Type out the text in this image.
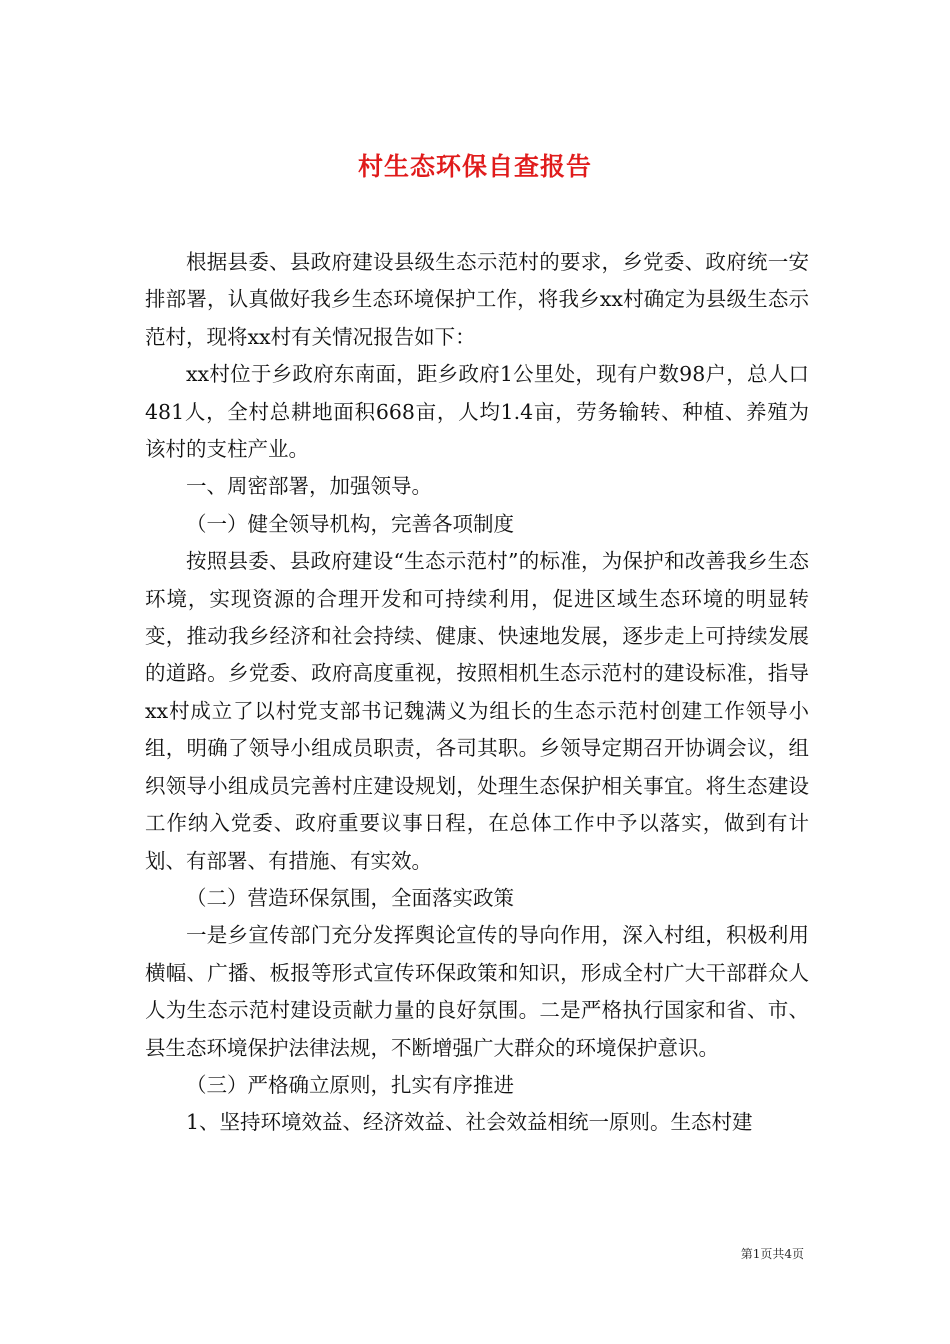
村生态环保自查报告

根据县委、县政府建设县级生态示范村的要求，乡党委、政府统一安排部署，认真做好我乡生态环境保护工作，将我乡xx村确定为县级生态示范村，现将xx村有关情况报告如下：

xx村位于乡政府东南面，距乡政府1公里处，现有户数98户，总人口481人，全村总耕地面积668亩，人均1.4亩，劳务输转、种植、养殖为该村的支柱产业。

一、周密部署，加强领导。

（一）健全领导机构，完善各项制度

按照县委、县政府建设“生态示范村”的标准，为保护和改善我乡生态环境，实现资源的合理开发和可持续利用，促进区域生态环境的明显转变，推动我乡经济和社会持续、健康、快速地发展，逐步走上可持续发展的道路。乡党委、政府高度重视，按照相机生态示范村的建设标准，指导xx村成立了以村党支部书记魏满义为组长的生态示范村创建工作领导小组，明确了领导小组成员职责，各司其职。乡领导定期召开协调会议，组织领导小组成员完善村庄建设规划，处理生态保护相关事宜。将生态建设工作纳入党委、政府重要议事日程，在总体工作中予以落实，做到有计划、有部署、有措施、有实效。

（二）营造环保氛围，全面落实政策

一是乡宣传部门充分发挥舆论宣传的导向作用，深入村组，积极利用横幅、广播、板报等形式宣传环保政策和知识，形成全村广大干部群众人人为生态示范村建设贡献力量的良好氛围。二是严格执行国家和省、市、县生态环境保护法律法规，不断增强广大群众的环境保护意识。

（三）严格确立原则，扎实有序推进

1、坚持环境效益、经济效益、社会效益相统一原则。生态村建

第1页共4页
